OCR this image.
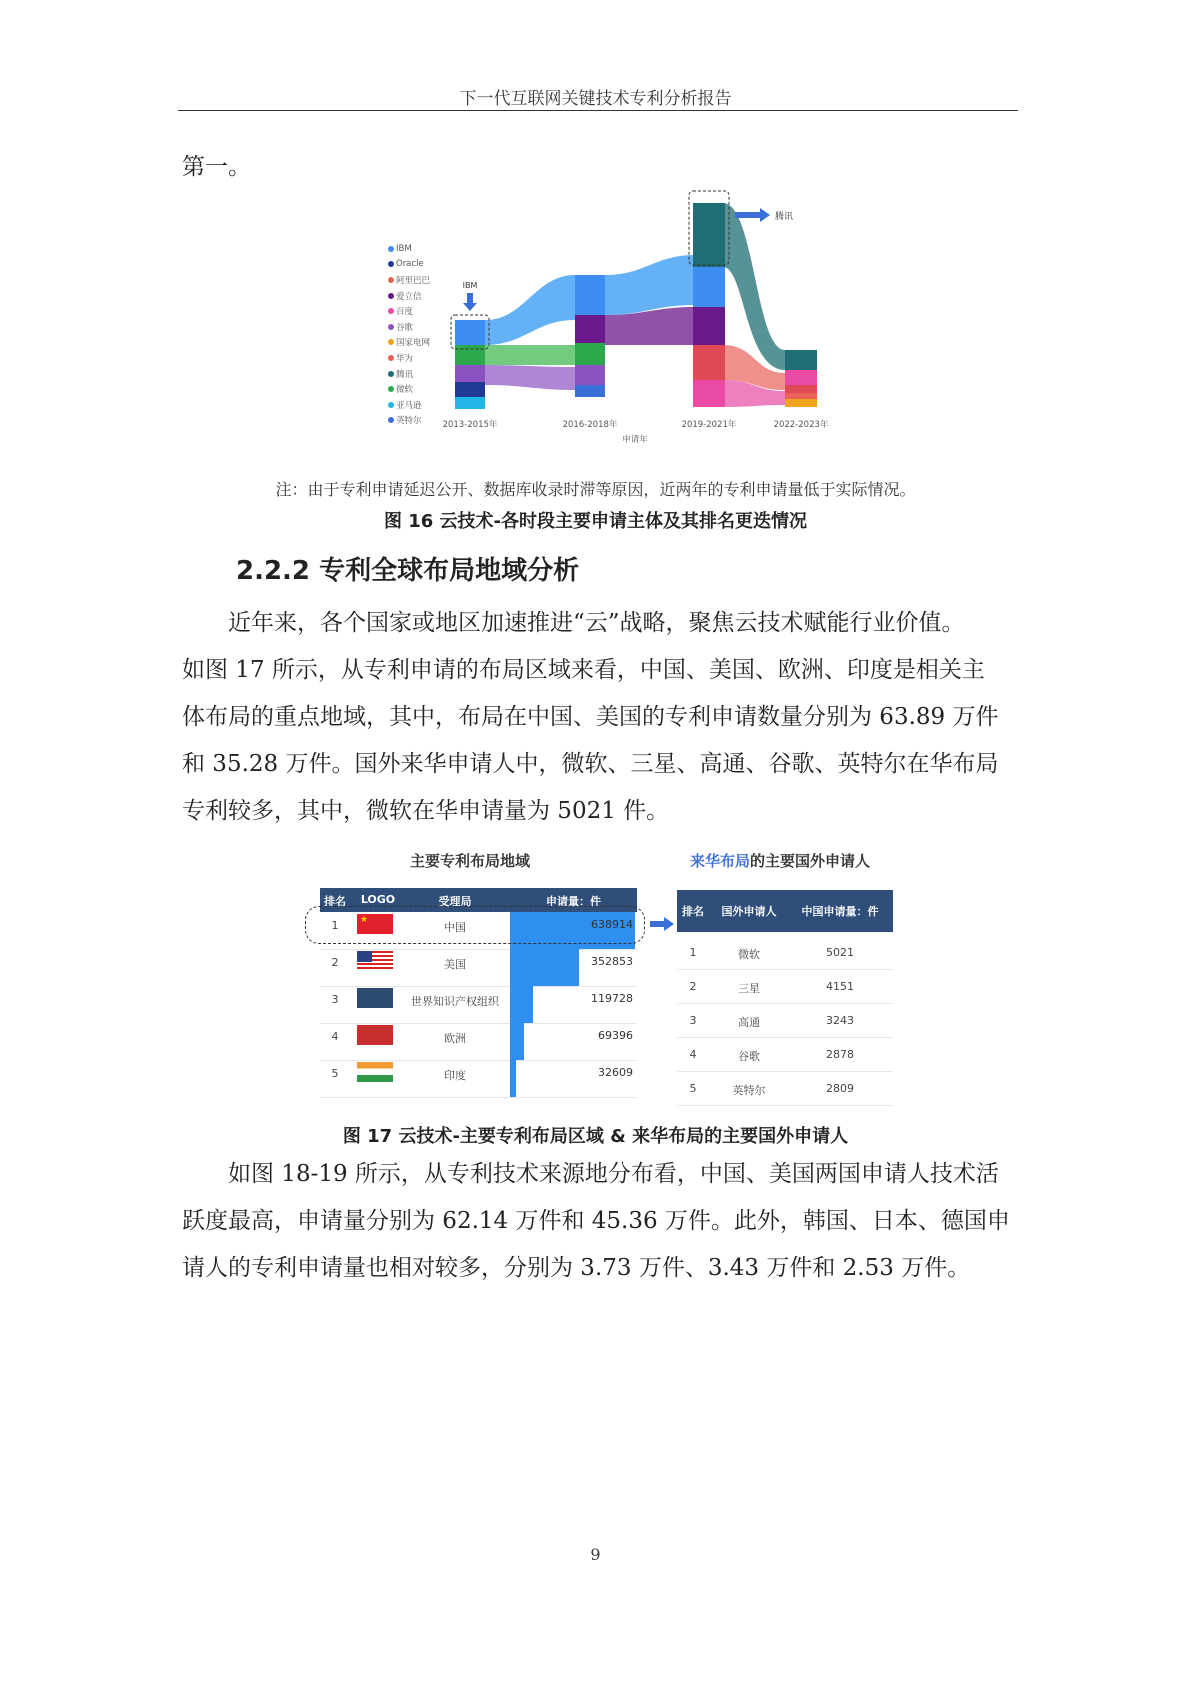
下一代互联网关键技术专利分析报告
第一。
IBM
Oracle
阿里巴巴
爱立信
百度
谷歌
国家电网
华为
腾讯
微软
亚马逊
英特尔
IBM
腾讯
2013-2015年	2016-2018年	2019-2021年	2022-2023年
申请年
注：由于专利申请延迟公开、数据库收录时滞等原因，近两年的专利申请量低于实际情况。
图 16 云技术-各时段主要申请主体及其排名更迭情况
2.2.2 专利全球布局地域分析
近年来，各个国家或地区加速推进“云”战略，聚焦云技术赋能行业价值。
如图 17 所示，从专利申请的布局区域来看，中国、美国、欧洲、印度是相关主
体布局的重点地域，其中，布局在中国、美国的专利申请数量分别为 63.89 万件
和 35.28 万件。国外来华申请人中，微软、三星、高通、谷歌、英特尔在华布局
专利较多，其中，微软在华申请量为 5021 件。
主要专利布局地域	来华布局的主要国外申请人
排名	LOGO	受理局	申请量：件
1	中国	638914
2	美国	352853
3	世界知识产权组织	119728
4	欧洲	69396
5	印度	32609
★
排名	国外申请人	中国申请量：件
1	微软	5021
2	三星	4151
3	高通	3243
4	谷歌	2878
5	英特尔	2809
图 17 云技术-主要专利布局区域 & 来华布局的主要国外申请人
如图 18-19 所示，从专利技术来源地分布看，中国、美国两国申请人技术活
跃度最高，申请量分别为 62.14 万件和 45.36 万件。此外，韩国、日本、德国申
请人的专利申请量也相对较多，分别为 3.73 万件、3.43 万件和 2.53 万件。
9
